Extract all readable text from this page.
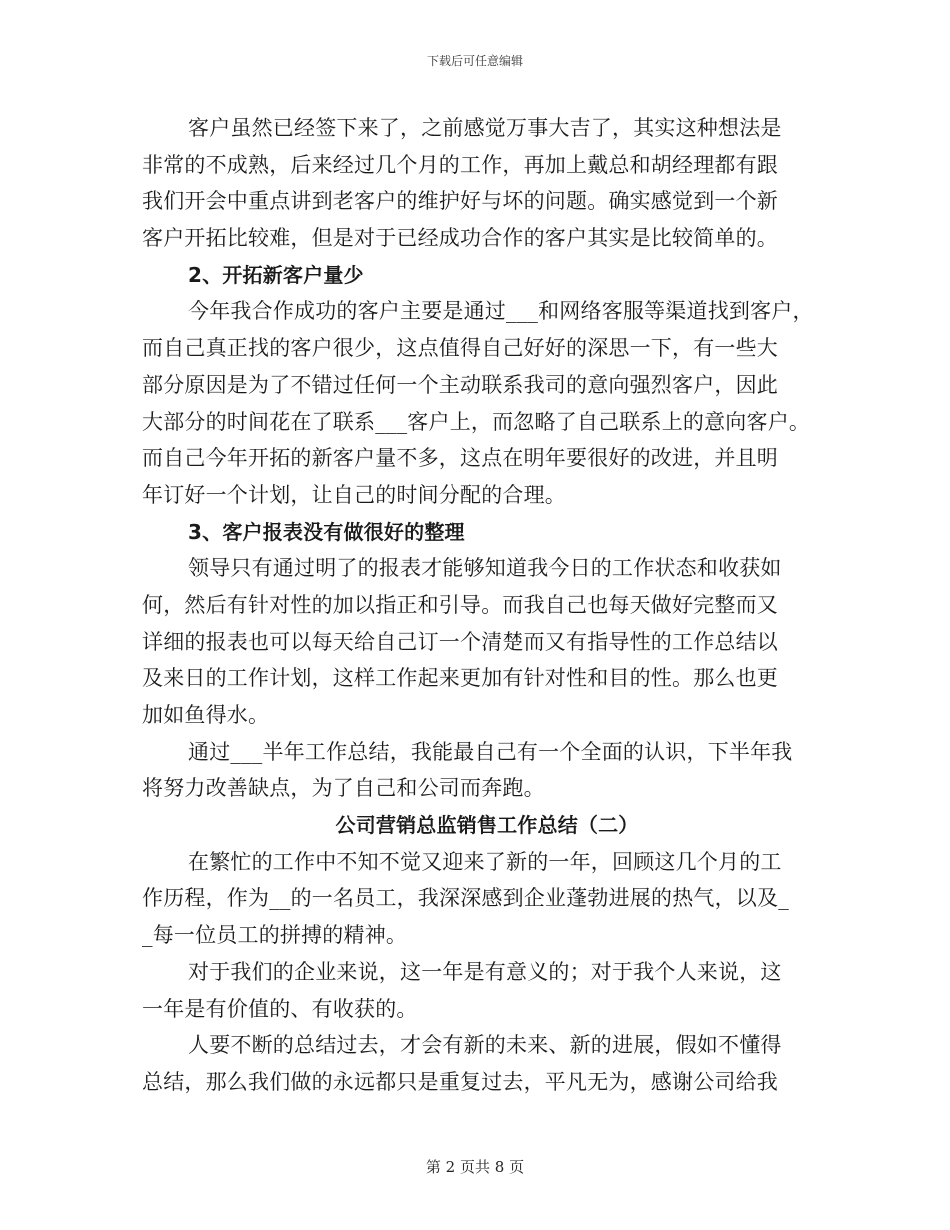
下载后可任意编辑
客户虽然已经签下来了，之前感觉万事大吉了，其实这种想法是
非常的不成熟，后来经过几个月的工作，再加上戴总和胡经理都有跟
我们开会中重点讲到老客户的维护好与坏的问题。确实感觉到一个新
客户开拓比较难，但是对于已经成功合作的客户其实是比较简单的。
2、开拓新客户量少
今年我合作成功的客户主要是通过___和网络客服等渠道找到客户，
而自己真正找的客户很少，这点值得自己好好的深思一下，有一些大
部分原因是为了不错过任何一个主动联系我司的意向强烈客户，因此
大部分的时间花在了联系___客户上，而忽略了自己联系上的意向客户。
而自己今年开拓的新客户量不多，这点在明年要很好的改进，并且明
年订好一个计划，让自己的时间分配的合理。
3、客户报表没有做很好的整理
领导只有通过明了的报表才能够知道我今日的工作状态和收获如
何，然后有针对性的加以指正和引导。而我自己也每天做好完整而又
详细的报表也可以每天给自己订一个清楚而又有指导性的工作总结以
及来日的工作计划，这样工作起来更加有针对性和目的性。那么也更
加如鱼得水。
通过___半年工作总结，我能最自己有一个全面的认识，下半年我
将努力改善缺点，为了自己和公司而奔跑。
公司营销总监销售工作总结（二）
在繁忙的工作中不知不觉又迎来了新的一年，回顾这几个月的工
作历程，作为__的一名员工，我深深感到企业蓬勃进展的热气，以及_
_每一位员工的拼搏的精神。
对于我们的企业来说，这一年是有意义的；对于我个人来说，这
一年是有价值的、有收获的。
人要不断的总结过去，才会有新的未来、新的进展，假如不懂得
总结，那么我们做的永远都只是重复过去，平凡无为，感谢公司给我
第 2 页共 8 页
